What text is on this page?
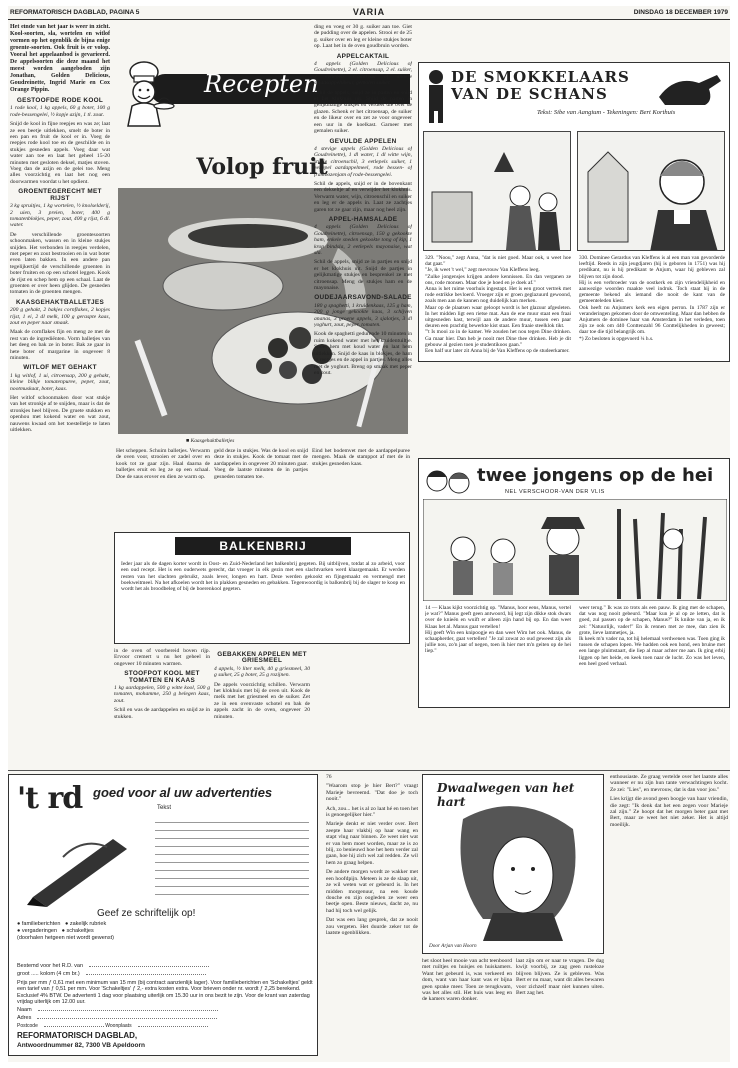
REFORMATORISCH DAGBLAD, PAGINA 5	VARIA	DINSDAG 18 DECEMBER 1979

Het einde van het jaar is weer in zicht. Kool-soorten, sla, wortelen en witlof vormen op het ogenblik de bijna enige groente-soorten. Ook fruit is er volop. Vooral het appelaanbod is gevarieerd. De appelsoorten die deze maand het meest worden aangeboden zijn Jonathan, Golden Delicious, Goudreinette, Ingrid Marie en Cox Orange Pippin.

GESTOOFDE RODE KOOL

1 rode kool, 1 kg appels, 60 g boter, 100 g rode-bessengelei, ½ kopje azijn, 1 tl. zout.

Snijd de kool in fijne reepjes en was ze; laat ze een beetje uitlekken, smelt de boter in een pan en fruit de kool er in. Voeg de reepjes rode kool toe en de geschilde en in stukjes gesneden appels. Voeg daar wat water aan toe en laat het geheel 15-20 minuten met gesloten deksel, matjes stoven. Voeg dan de azijn en de gelei toe. Meng alles voorzichtig en laat het nog een doorwarmen voordat u het opdient.

GROENTEGERECHT MET RIJST

3 kg spruitjes, 1 kg wortelen, ½ knolselderij, 2 uien, 3 preien, boter, 400 g tomatenblokjes, peper, zout, 400 g rijst, 6 dl. water.

De verschillende groentesoorten schoonmaken, wassen en in kleine stukjes snijden. Het verbonden in reepjes verdelen, met peper en zout bestrooien en in wat boter even laten bakken. In een andere pan tegelijkertijd de verschillende groenten in boter fruiten en op een schotel leggen. Kook de rijst en schep hem op een schaal. Laat de groenten er over heen glijden. De gesneden tomaten in de groenten mengen.

KAASGEHAKTBALLETJES

200 g gehakt, 2 bakjes cornflakes, 2 kopjes rijst, 1 ei, 2 dl melk, 100 g geraspte kaas, zout en peper naar smaak.

Maak de cornflakes fijn en meng ze met de rest van de ingrediënten. Vorm balletjes van het deeg en bak ze in boter. Bak ze gaar in hete boter of margarine in ongeveer 8 minuten.

WITLOF MET GEHAKT

1 kg witlof, 1 ui, citroensap, 200 g gehakt, kleine blikje tomatenpuree, peper, zout, nootmuskaat, boter, kaas.

Het witlof schoonmaken door wat stukje van het stronkje af te snijden, maar is dat de stronkjes heel blijven. De gruete stukken en openhou met kokend water en wat zout, nauwens kwaad om het toestelletje te laten uitlekken.

Recepten
Volop fruit
■ Kaasgehaktballetjes

Het scheppen. Schuim balletjes. Verwarm de oven voor, strooien er zadel over en kook tot ze gaar zijn. Haal daarna de balletjes eruit en leg ze op een schaal. Doe de saus erover en dien ze warm op.

geld deze in stukjes. Was de kool en snijd deze in stukjes. Kook de tomaat met de aardappelen in ongeveer 20 minuten gaar. Voeg de laatste minuten de in partjes gesneden tomaten toe.

Eind het bodemvet met de aardappelpuree mengen. Maak de stamppot af met de in stukjes gesneden kaas.

BALKENBRIJ
Ieder jaar als de dagen korter wordt in Oost- en Zuid-Nederland het balkenbrij gegeten. Bij uitblijven, totdat al zo arbeid, voor een oud recept. Het is een ouderwets gerecht, dat vroeger in elk gezin met een slachtvarken werd klaargemaakt. Er werden resten van het slachten gebruikt, zoals lever, longen en hart. Deze werden gekookt en fijngemaakt en vermengd met boekweitmeel. Na het afkoelen wordt het in plakken gesneden en gebakken. Tegenwoordig is balkenbrij bij de slager te koop en wordt het als broodbeleg of bij de boerenkool gegeten.

in de oven of voorbereid boven rijp. Ervoor cremert u nu het geheel in ongeveer 10 minuten warmen.

STOOFPOT KOOL MET TOMATEN EN KAAS

1 kg aardappelen, 500 g witte kool, 500 g tomaten, mohamme, 250 g belegen kaas, zout.

Schil en was de aardappelen en snijd ze in stukken.

GEBAKKEN APPELEN MET GRIESMEEL

4 appels, ½ liter melk, 40 g griesmeel, 30 g suiker, 25 g boter, 25 g rozijnen.

De appels voorzichtig schillen. Verwarm het klokhuis met bij de oven uit. Kook de melk met het griesmeel en de suiker. Zet ze in een ovenvaste schotel en bak de appels zacht in de oven, ongeveer 20 minuten.

ding en voeg er 30 g. suiker aan toe. Giet de pudding over de appelen. Strooi er de 25 g. suiker over en leg er kleine stukjes boter op. Laat het in de oven goudbruin worden.

APPELCAKTAIL

4 appels (Golden Delicious of Goudreinette), 2 el. citroensap, 2 el. suiker, 2 eetlepels Cointreau of andere sinaasappellikeur, gemalen suiker.

Schil de appels, snijd ze in parten en snijd er het klokhuis uit. Snijd de parten in gelijkmatige stukjes en verdeel die over de glazen. Schenk er het citroensap, de suiker en de likeur over en zet ze voor ongeveer een uur in de koelkast. Garneer met gemalen suiker.

GEVULDE APPELEN

4 stevige appels (Golden Delicious of Goudreinette), 1 dl water, 1 dl witte wijn, stukje citroenschil, 3 eetlepels suiker, 1 eetlepel aardappelmeel, rode bessen- of frambozenjam of rode-bessengelei.

Schil de appels, snijd er in de bovenkant een dekseltje af en verwijder het klokhuis. Verwarm water, wijn, citroenschil en suiker en leg er de appels in. Laat ze zachtjes garen tot ze gaar zijn, maar nog heel zijn.

APPEL-HAMSALADE

4 appels (Golden Delicious of Goudreinette), citroensap, 150 g gekookte ham, enkele sneden gekookte tong of kip, 1 krop bindsla, 2 eetlepels mayonaise, wat sla.

Schil de appels, snijd ze in partjes en snijd er het klokhuis uit. Snijd de partjes in gelijkmatige stukjes en besprenkel ze met citroensap. Meng de stukjes ham en de mayonaise.

OUDEJAARSAVOND-SALADE

180 g spaghetti, 1 kruidenkaas, 125 g ham, 200 g jonge gekookte kaas, 3 schijven ananas, 3 groene appels, 3 sjalotjes, 3 dl yoghurt, zout, peper, tomaten.

Kook de spaghetti gedurende 10 minuten in ruim kokend water met het kruidentuiltje. Spoel hem met koud water en laat hem uitlekken. Snijd de kaas in blokjes, de ham in reepjes en de appel in partjes. Meng alles met de yoghurt. Breng op smaak met peper en zout.

DE SMOKKELAARS
VAN DE SCHANS
Tekst: Sibe van Aangium - Tekeningen: Bert Korthuis

329. "Noou," zegt Anna, "dat is niet goed. Maar ook, u weet hoe dat gaat."

"Je, ik weet 't wel," zegt mevrouw Van Kleffens leeg.

"Zulke jongensjes krijgen andere kennissen. En dan verganen ze ons, rode monsen. Maar doe je hoed en je doek af."

Anna is het ruime voorhuis ingestapt. Het is een groot vertrek met rode estrikke bevloerd. Vroeger zijn er groen geglazuurd gewoond, zoals men aan de kannen nog duidelijk kan merken.

Maar op de plaatsen waar geloopt wordt is het glazuur afgesleten. In het midden ligt een rietse mat. Aan de ene muur staat een fraai uitgesneden kast, terwijl aan de andere muur, tussen een paar deuren een prachtig bewerkte kist staat. Een fraaie steelklok tikt.

"'t Is mooi zo in de kamer. We zouden het nou tegen Dine drinken. Ga maar hier. Dan heb je nooit met Dine thee drinken. Heb je dit gebouw al gezien toen je studentikoos gaan."

Een half uur later zit Anna bij de Van Kleffens op de studeerkamer.

330. Dominee Gerardus van Kleffens is al een man van gevorderde leeftijd. Reeds in zijn jeugdjaren (hij is geboren in 1751) was hij predikant, nu is hij predikant te Anjum, waar hij gebleven zal blijven tot zijn dood.

Hij is een verbroeder van de oostkerk en zijn vriendelijkheid en aanwezige woorden maakte veel indruk. Toch staat hij in de gemeente bekend als iemand die nooit de kant van de gemeenteleden kiest.

Ook heeft nu Anjumers kerk een eigen perron. In 1787 zijn er veranderingen gekomen door de omwenteling. Maar dan hebben de Anjumers de dominee haar van Amsterdam in het verleden, toen zijn ze ook om 440 Conttenzahl 96 Conttelijkheden in geweest; daar toe die tijd belangrijk om.

*) Zo besloten is opgevoerd ¼ h.s.

twee jongens op de hei
NEL VERSCHOOR-VAN DER VLIS

14 — Klaas kijkt voorzichtig op. "Manus, hoor eens, Manus, vertel je wat?" Manus geeft geen antwoord, hij legt zijn dikke stok dwars over de knieën en wuift er alleen zijn hand bij op. En dan weet Klaas het al. Manus gaat vertellen!

Hij geeft Win een knipoogje en dan weet Wim het ook. Manus, de schaapherder, gaat vertellen! "Je zal zowat zo oud geweest zijn als jullie nou, zo'n jaar of negen, toen ik hier met m'n geiten op de hei liep."

weer terug." Ik was zo trots als een pauw. Ik ging met de schapen, dat was nog nooit gebeurd. "Maar kun je al op ze letten, dat is goed, zul passen op de schapen, Manus?" Ik knikte van ja, en ik zei: "Natuurlijk, vader!" En ik rennen met ze mee, dan zien ik grote, lieve lammetjes, ja.

Ik keek m'n vader na, tot hij helemaal verdwenen was. Toen ging ik tussen de schapen lopen. We hadden ook een hond, een bruine met een lange pluimstaart, die liep al maar achter me aan. Ik ging erbij liggen op het heide, en keek toen naar de lucht. Zo was het leven, een heel goed verhaal.

't rd goed voor al uw advertenties
Tekst
Geef ze schriftelijk op!
● familieberichten ● zakelijk rubriek
● vergaderingen ● schakeltjes
(doorhalen hetgeen niet wordt gewenst)
Bestemd voor het R.D. van
groot ..... kolom (4 cm br.)
Prijs per mm ƒ 0,61 met een minimum van 15 mm (bij contract aanzienlijk lager). Voor familieberichten en 'Schakeltjes' geldt een tarief van ƒ 0,51 per mm. Voor 'Schakeltjes' ƒ 2,- extra kosten extra. Voor brieven onder nr. wordt ƒ 2,25 berekend. Exclusief 4% BTW. De advertenti 1 dag voor plaatsing uiterlijk om 15.30 uur in ons bezit te zijn. Voor de krant van zaterdag vrijdag uiterlijk om 12.00 uur.
Naam
Adres
Postcode	Woonplaats
REFORMATORISCH DAGBLAD,
Antwoordnummer 82, 7300 VB Apeldoorn

76

"Waarom stop je hier Bert?" vraagt Marieje bevreemd. "Dat doe je toch nooit."

Ach, zou... het is al zo laat hé en toen het is genoegelijker hier."

Marieje denkt er niet verder over. Bert zeepte haar vlakbij op haar wang en stapt vlug naar binnen. Ze weet niet wat er van hem moet worden, maar ze is zo blij, zo benieuwd hoe het hem verder zal gaan, hoe hij zich wel zal redden. Ze wil hem zo graag helpen.

De andere morgen wordt ze wakker met een hoofdpijn. Meteen is ze de slaap uit, ze wil weten wat er gebeurd is. In het midden morgenuur, na een koude douche en zijn oogleden ze weer een beetje open. Beste nieuws, dacht ze, nu had hij toch wel gelijk.

Dat was een lang gesprek, dat ze nooit zou vergeten. Het duurde zeker tot de laatste ogenblikken.

Dwaalwegen van het hart
Door Arjan van Hoorn

het sloot heel mooie van acht teenboord met ruiltjes en huisjes en huiskamers. Want het gebeurd is, was verkeerd en dom, want van haar kant was er bijna geen sprake meer. Toen ze terugkwam, was het alles stil. Het huis was leeg en de kamers waren donker.

laat zijn om er naar te vragen. De dag kwijt voorbij, ze zag geen rusteloze blijven blijven. Ze is gebleven. Was Bert er nu maar, want dit alles bewaren voor zichzelf maar niet kunnen uiten. Bert zag het.

enthousiaste. Ze graag vertelde over het laatste alles wanneer er nu zijn hun tante verwachtingen kocht. Ze zei: "Lies", en mevrouw, dat is dan voor jou."

Lies krijgt die avond geen boogje van haar vriendin, die zegt: "Ik denk dat het een zegen voor Marieje zal zijn." Ze hoopt dat het morgen beter gaat met Bert, maar ze weet het niet zeker. Het is altijd moeilijk.
